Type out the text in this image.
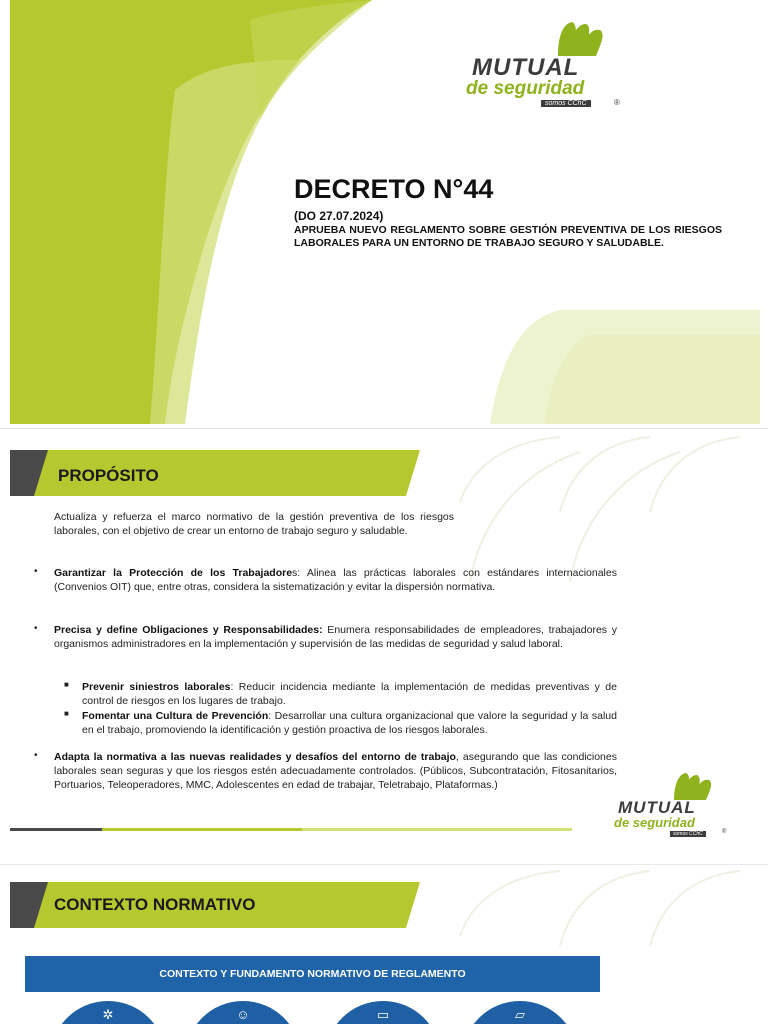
MUTUAL
de seguridad
somos CChC	®
DECRETO N°44
(DO 27.07.2024)
APRUEBA NUEVO REGLAMENTO SOBRE GESTIÓN PREVENTIVA DE LOS RIESGOS LABORALES PARA UN ENTORNO DE TRABAJO SEGURO Y SALUDABLE.
PROPÓSITO
Actualiza y refuerza el marco normativo de la gestión preventiva de los riesgos laborales, con el objetivo de crear un entorno de trabajo seguro y saludable.
• Garantizar la Protección de los Trabajadores: Alinea las prácticas laborales con estándares internacionales (Convenios OIT) que, entre otras, considera la sistematización y evitar la dispersión normativa.
• Precisa y define Obligaciones y Responsabilidades: Enumera responsabilidades de empleadores, trabajadores y organismos administradores en la implementación y supervisión de las medidas de seguridad y salud laboral.
■ Prevenir siniestros laborales: Reducir incidencia mediante la implementación de medidas preventivas y de control de riesgos en los lugares de trabajo.
■ Fomentar una Cultura de Prevención: Desarrollar una cultura organizacional que valore la seguridad y la salud en el trabajo, promoviendo la identificación y gestión proactiva de los riesgos laborales.
• Adapta la normativa a las nuevas realidades y desafíos del entorno de trabajo, asegurando que las condiciones laborales sean seguras y que los riesgos estén adecuadamente controlados. (Públicos, Subcontratación, Fitosanitarios, Portuarios, Teleoperadores, MMC, Adolescentes en edad de trabajar, Teletrabajo, Plataformas.)
MUTUAL
de seguridad
somos CChC	®
CONTEXTO NORMATIVO
CONTEXTO Y FUNDAMENTO NORMATIVO DE REGLAMENTO
✲	☺	▭	▱
